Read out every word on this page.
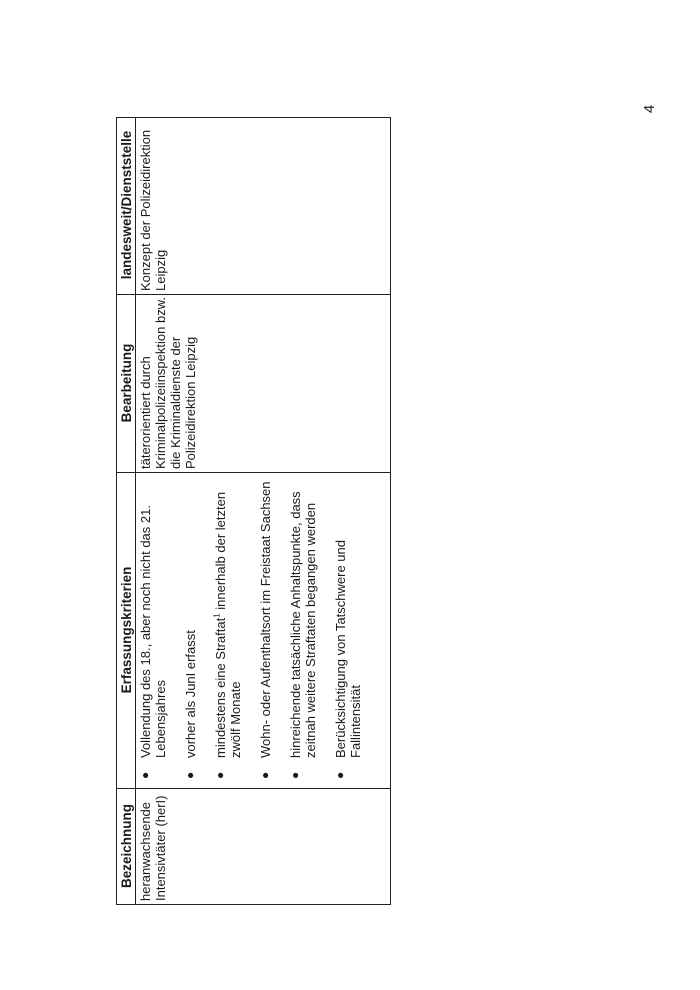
4
Bezeichnung
Erfassungskriterien
Bearbeitung
landesweit/Dienststelle
heranwachsende Intensivtäter (herI)
●
Vollendung des 18., aber noch nicht das 21. Lebensjahres
●
vorher als JunI erfasst
●
mindestens eine Straftat$^1$ innerhalb der letzten zwölf Monate
●
Wohn- oder Aufenthaltsort im Freistaat Sachsen
●
hinreichende tatsächliche Anhaltspunkte, dass zeitnah weitere Straftaten begangen werden
●
Berücksichtigung von Tatschwere und Fallintensität
täterorientiert durch Kriminalpolizeiinspektion bzw. die Kriminaldienste der Polizeidirektion Leipzig
Konzept der Polizeidirektion Leipzig
